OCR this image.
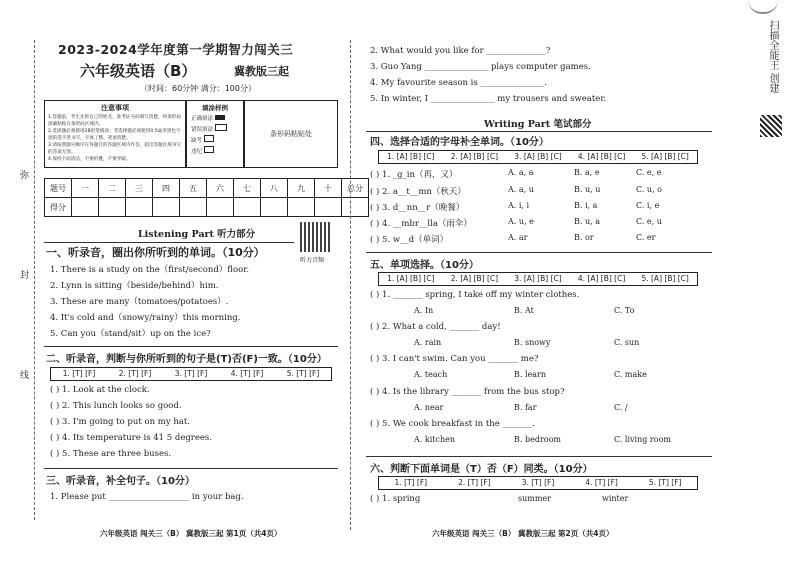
弥
封
线
2023-2024学年度第一学期智力闯关三
六年级英语（B）	冀教版三起
（时间：60分钟 满分：100分）
注意事项
1.答题前，考生先将自己的姓名、准考证号码填写清楚，将条形码准确粘贴在条形码区域内。
2.选择题必须使用2B铅笔填涂；非选择题必须使用0.5毫米黑色字迹的签字笔书写，字体工整、笔迹清楚。
3.请按照题号顺序在各题目的答题区域内作答，超出答题区域书写的答案无效。
4.保持卡面清洁，不要折叠，不要弄破。
填涂样例
正确填涂
错误填涂
缺考
违纪
条形码粘贴处
题号	一	二	三	四	五	六	七	八	九	十	总分
得分											
Listening Part 听力部分
听力音频
一、听录音，圈出你所听到的单词。（10分）
1. There is a study on the（first/second）floor.
2. Lynn is sitting（beside/behind）him.
3. These are many（tomatoes/potatoes）.
4. It's cold and（snowy/rainy）this morning.
5. Can you（stand/sit）up on the ice?
二、听录音，判断与你所听到的句子是(T)否(F)一致。（10分）
1. [T] [F]	2. [T] [F]	3. [T] [F]	4. [T] [F]	5. [T] [F]
( ) 1. Look at the clock.
( ) 2. This lunch looks so good.
( ) 3. I'm going to put on my hat.
( ) 4. Its temperature is 41 5 degrees.
( ) 5. These are three buses.
三、听录音，补全句子。（10分）
1. Please put ___________________ in your bag.
六年级英语 闯关三（B） 冀教版三起 第1页（共4页）
2. What would you like for ______________?
3. Guo Yang _______________ plays computer games.
4. My favourite season is _______________.
5. In winter, I _______________ my trousers and sweater.
Writing Part 笔试部分
四、选择合适的字母补全单词。（10分）
1. [A] [B] [C]	2. [A] [B] [C]	3. [A] [B] [C]	4. [A] [B] [C]	5. [A] [B] [C]
( ) 1. _g_in（再，又）	A. a, a	B. a, e	C. e, e
( ) 2. a__t__mn（秋天）	A. a, u	B. u, u	C. u, o
( ) 3. d__nn__r（晚餐）	A. i, i	B. i, a	C. i, e
( ) 4. __mbr__lla（雨伞）	A. u, e	B. u, a	C. e, u
( ) 5. w__d（单词）	A. ar	B. or	C. er
五、单项选择。（10分）
1. [A] [B] [C]	2. [A] [B] [C]	3. [A] [B] [C]	4. [A] [B] [C]	5. [A] [B] [C]
( ) 1. _______ spring, I take off my winter clothes.
A. In	B. At	C. To
( ) 2. What a cold, _______ day!
A. rain	B. snowy	C. sun
( ) 3. I can't swim. Can you _______ me?
A. teach	B. learn	C. make
( ) 4. Is the library _______ from the bus stop?
A. near	B. far	C. /
( ) 5. We cook breakfast in the _______.
A. kitchen	B. bedroom	C. living room
六、判断下面单词是（T）否（F）同类。（10分）
1. [T] [F]	2. [T] [F]	3. [T] [F]	4. [T] [F]	5. [T] [F]
( ) 1. spring	summer	winter
六年级英语 闯关三（B） 冀教版三起 第2页（共4页）
扫描全能王 创建
